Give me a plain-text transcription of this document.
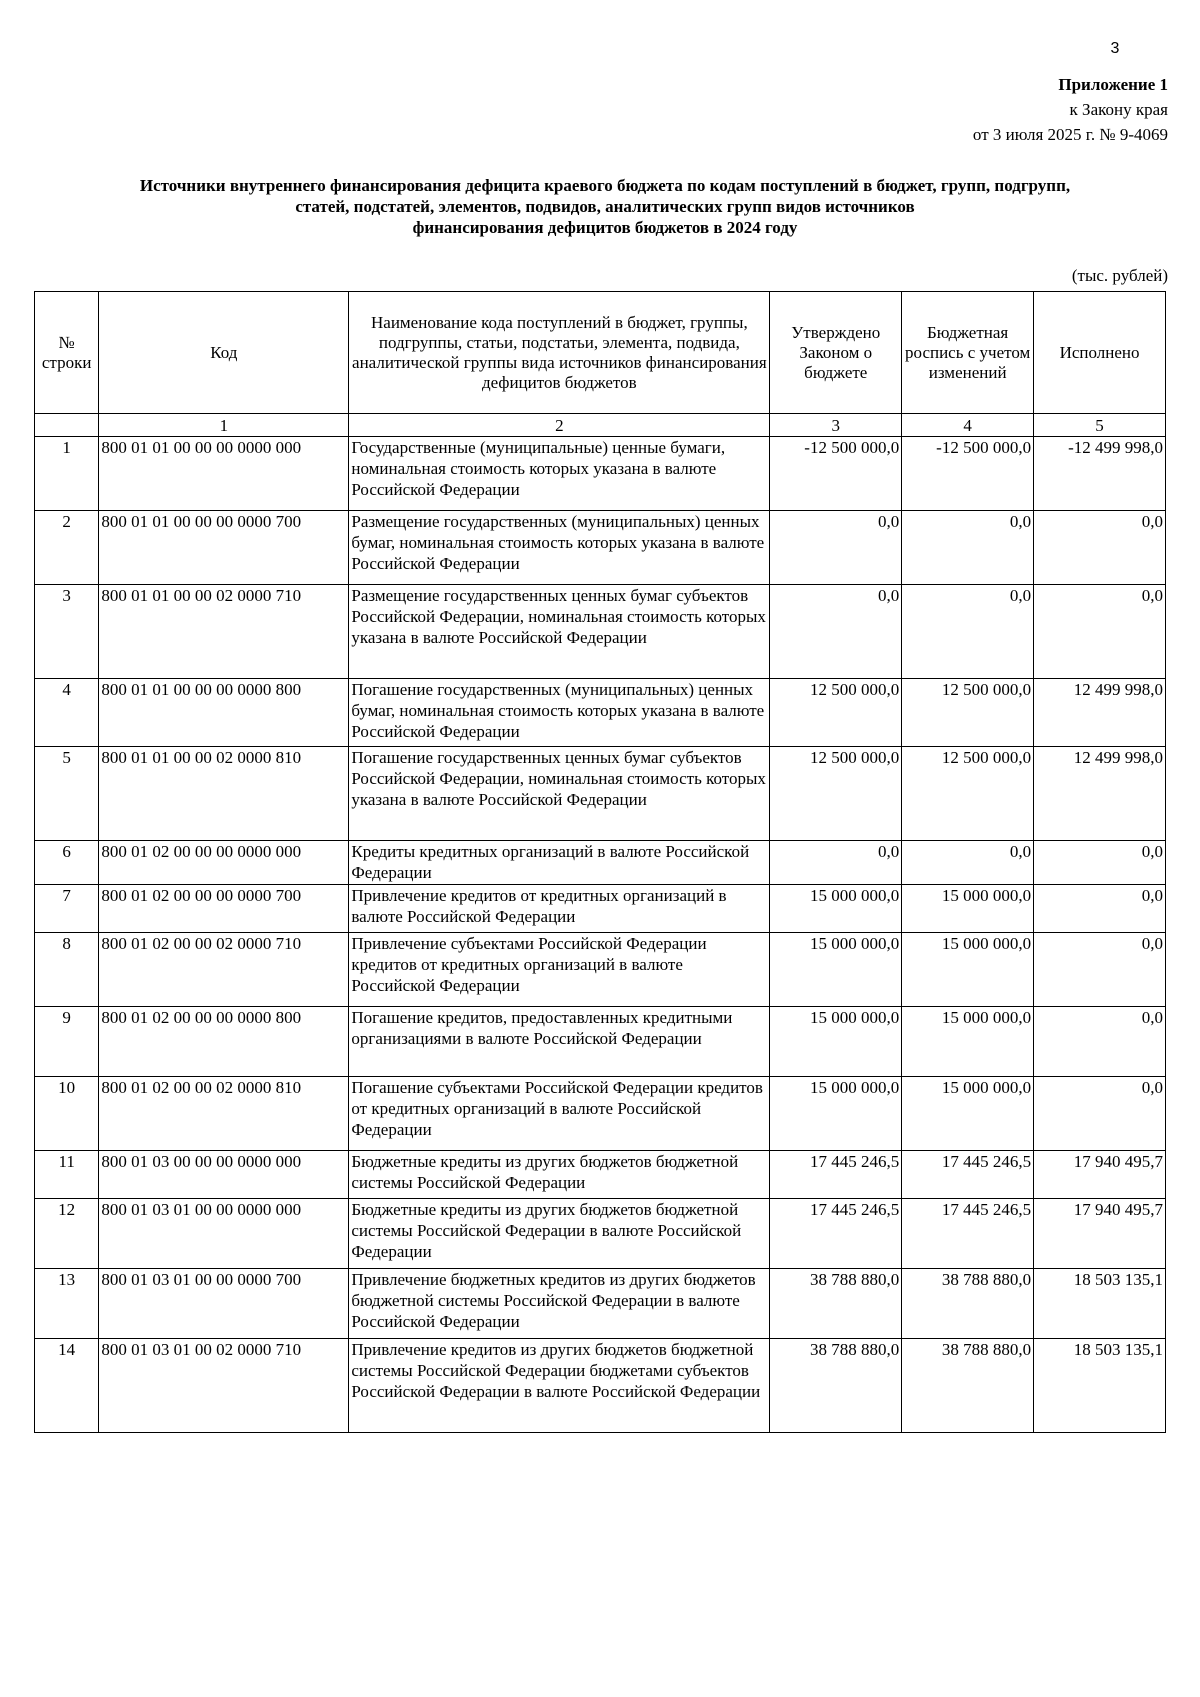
3
Приложение 1
к Закону края
от 3 июля 2025 г. № 9-4069
Источники внутреннего финансирования дефицита краевого бюджета по кодам поступлений в бюджет, групп, подгрупп,
статей, подстатей, элементов, подвидов, аналитических групп видов источников
финансирования дефицитов бюджетов в 2024 году
(тыс. рублей)
№ строки	Код	Наименование кода поступлений в бюджет, группы, подгруппы, статьи, подстатьи, элемента, подвида, аналитической группы вида источников финансирования дефицитов бюджетов	Утверждено Законом о бюджете	Бюджетная роспись с учетом изменений	Исполнено
	1	2	3	4	5
1	800 01 01 00 00 00 0000 000	Государственные (муниципальные) ценные бумаги, номинальная стоимость которых указана в валюте Российской Федерации	-12 500 000,0	-12 500 000,0	-12 499 998,0
2	800 01 01 00 00 00 0000 700	Размещение государственных (муниципальных) ценных бумаг, номинальная стоимость которых указана в валюте Российской Федерации	0,0	0,0	0,0
3	800 01 01 00 00 02 0000 710	Размещение государственных ценных бумаг субъектов Российской Федерации, номинальная стоимость которых указана в валюте Российской Федерации	0,0	0,0	0,0
4	800 01 01 00 00 00 0000 800	Погашение государственных (муниципальных) ценных бумаг, номинальная стоимость которых указана в валюте Российской Федерации	12 500 000,0	12 500 000,0	12 499 998,0
5	800 01 01 00 00 02 0000 810	Погашение государственных ценных бумаг субъектов Российской Федерации, номинальная стоимость которых указана в валюте Российской Федерации	12 500 000,0	12 500 000,0	12 499 998,0
6	800 01 02 00 00 00 0000 000	Кредиты кредитных организаций в валюте Российской Федерации	0,0	0,0	0,0
7	800 01 02 00 00 00 0000 700	Привлечение кредитов от кредитных организаций в валюте Российской Федерации	15 000 000,0	15 000 000,0	0,0
8	800 01 02 00 00 02 0000 710	Привлечение субъектами Российской Федерации кредитов от кредитных организаций в валюте Российской Федерации	15 000 000,0	15 000 000,0	0,0
9	800 01 02 00 00 00 0000 800	Погашение кредитов, предоставленных кредитными организациями в валюте Российской Федерации	15 000 000,0	15 000 000,0	0,0
10	800 01 02 00 00 02 0000 810	Погашение субъектами Российской Федерации кредитов от кредитных организаций в валюте Российской Федерации	15 000 000,0	15 000 000,0	0,0
11	800 01 03 00 00 00 0000 000	Бюджетные кредиты из других бюджетов бюджетной системы Российской Федерации	17 445 246,5	17 445 246,5	17 940 495,7
12	800 01 03 01 00 00 0000 000	Бюджетные кредиты из других бюджетов бюджетной системы Российской Федерации в валюте Российской Федерации	17 445 246,5	17 445 246,5	17 940 495,7
13	800 01 03 01 00 00 0000 700	Привлечение бюджетных кредитов из других бюджетов бюджетной системы Российской Федерации в валюте Российской Федерации	38 788 880,0	38 788 880,0	18 503 135,1
14	800 01 03 01 00 02 0000 710	Привлечение кредитов из других бюджетов бюджетной системы Российской Федерации бюджетами субъектов Российской Федерации в валюте Российской Федерации	38 788 880,0	38 788 880,0	18 503 135,1
